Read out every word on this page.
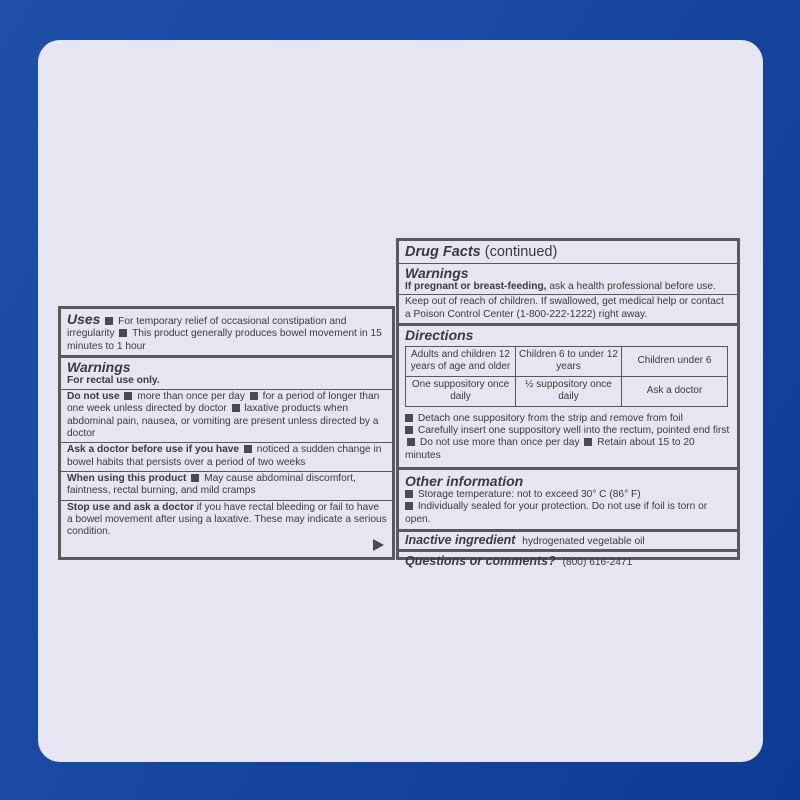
Uses For temporary relief of occasional constipation and irregularity This product generally produces bowel movement in 15 minutes to 1 hour
Warnings
For rectal use only.
Do not use more than once per day for a period of longer than one week unless directed by doctor laxative products when abdominal pain, nausea, or vomiting are present unless directed by a doctor
Ask a doctor before use if you have noticed a sudden change in bowel habits that persists over a period of two weeks
When using this product May cause abdominal discomfort, faintness, rectal burning, and mild cramps
Stop use and ask a doctor if you have rectal bleeding or fail to have a bowel movement after using a laxative. These may indicate a serious condition.
Drug Facts (continued)
Warnings
If pregnant or breast-feeding, ask a health professional before use.
Keep out of reach of children. If swallowed, get medical help or contact a Poison Control Center (1-800-222-1222) right away.
Directions
Adults and children 12 years of age and older	Children 6 to under 12 years	Children under 6
One suppository once daily	½ suppository once daily	Ask a doctor
Detach one suppository from the strip and remove from foil
Carefully insert one suppository well into the rectum, pointed end first  Do not use more than once per day Retain about 15 to 20 minutes
Other information
Storage temperature: not to exceed 30° C (86° F)
Individually sealed for your protection. Do not use if foil is torn or open.
Inactive ingredient hydrogenated vegetable oil
Questions or comments? (800) 616-2471
